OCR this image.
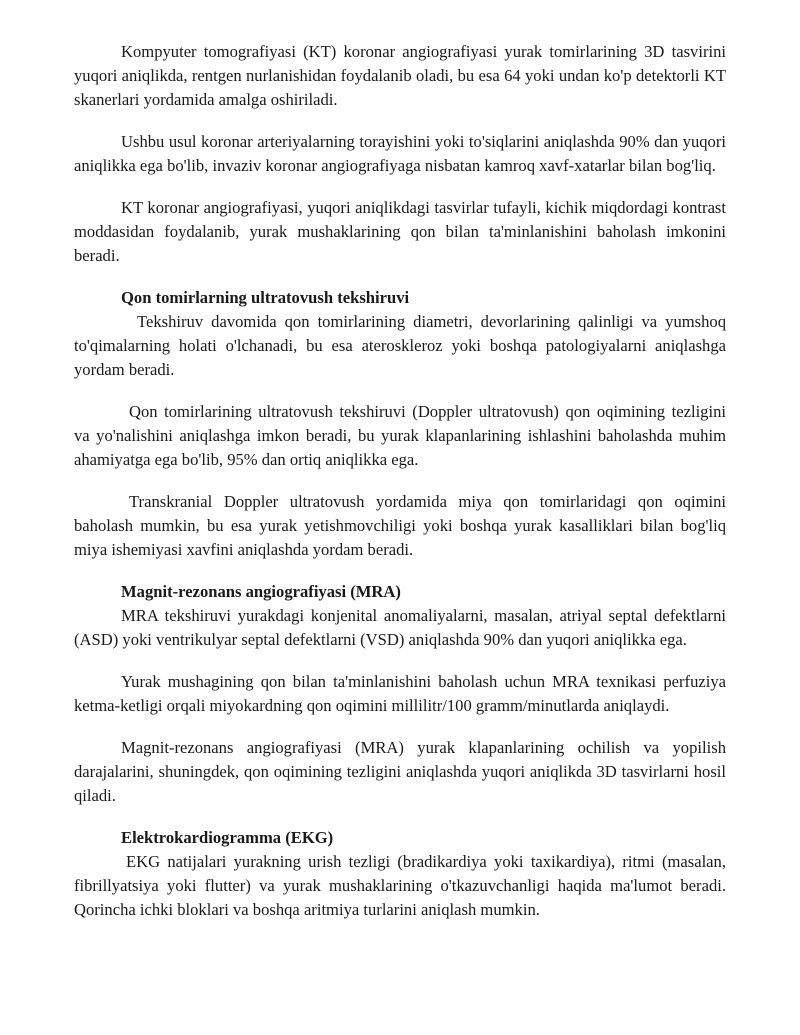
Kompyuter tomografiyasi (KT) koronar angiografiyasi yurak tomirlarining 3D tasvirini yuqori aniqlikda, rentgen nurlanishidan foydalanib oladi, bu esa 64 yoki undan ko'p detektorli KT skanerlari yordamida amalga oshiriladi.

Ushbu usul koronar arteriyalarning torayishini yoki to'siqlarini aniqlashda 90% dan yuqori aniqlikka ega bo'lib, invaziv koronar angiografiyaga nisbatan kamroq xavf-xatarlar bilan bog'liq.

KT koronar angiografiyasi, yuqori aniqlikdagi tasvirlar tufayli, kichik miqdordagi kontrast moddasidan foydalanib, yurak mushaklarining qon bilan ta'minlanishini baholash imkonini beradi.

Qon tomirlarning ultratovush tekshiruvi

Tekshiruv davomida qon tomirlarining diametri, devorlarining qalinligi va yumshoq to'qimalarning holati o'lchanadi, bu esa ateroskleroz yoki boshqa patologiyalarni aniqlashga yordam beradi.

Qon tomirlarining ultratovush tekshiruvi (Doppler ultratovush) qon oqimining tezligini va yo'nalishini aniqlashga imkon beradi, bu yurak klapanlarining ishlashini baholashda muhim ahamiyatga ega bo'lib, 95% dan ortiq aniqlikka ega.

Transkranial Doppler ultratovush yordamida miya qon tomirlaridagi qon oqimini baholash mumkin, bu esa yurak yetishmovchiligi yoki boshqa yurak kasalliklari bilan bog'liq miya ishemiyasi xavfini aniqlashda yordam beradi.

Magnit-rezonans angiografiyasi (MRA)

MRA tekshiruvi yurakdagi konjenital anomaliyalarni, masalan, atriyal septal defektlarni (ASD) yoki ventrikulyar septal defektlarni (VSD) aniqlashda 90% dan yuqori aniqlikka ega.

Yurak mushagining qon bilan ta'minlanishini baholash uchun MRA texnikasi perfuziya ketma-ketligi orqali miyokardning qon oqimini millilitr/100 gramm/minutlarda aniqlaydi.

Magnit-rezonans angiografiyasi (MRA) yurak klapanlarining ochilish va yopilish darajalarini, shuningdek, qon oqimining tezligini aniqlashda yuqori aniqlikda 3D tasvirlarni hosil qiladi.

Elektrokardiogramma (EKG)

EKG natijalari yurakning urish tezligi (bradikardiya yoki taxikardiya), ritmi (masalan, fibrillyatsiya yoki flutter) va yurak mushaklarining o'tkazuvchanligi haqida ma'lumot beradi. Qorincha ichki bloklari va boshqa aritmiya turlarini aniqlash mumkin.
